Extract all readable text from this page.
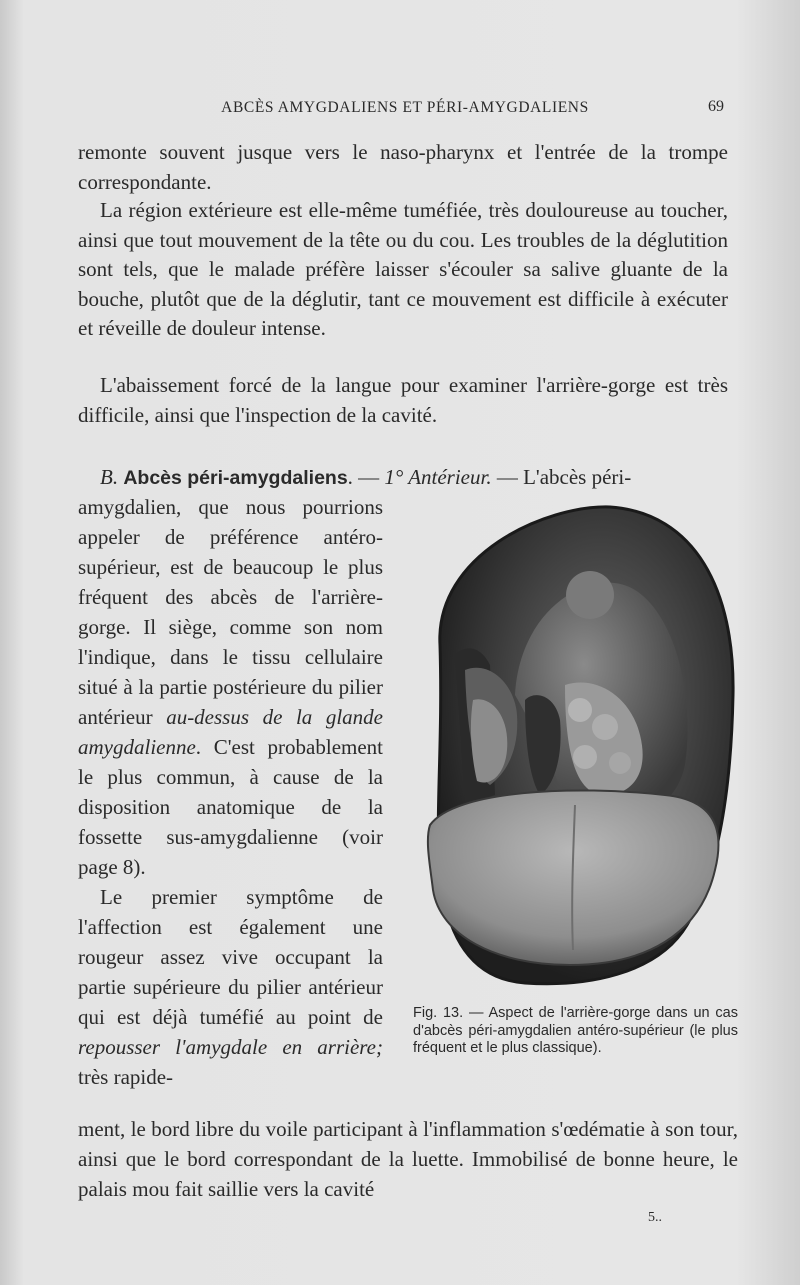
ABCÈS AMYGDALIENS ET PÉRI-AMYGDALIENS	69

remonte souvent jusque vers le naso-pharynx et l'entrée de la trompe correspondante.

La région extérieure est elle-même tuméfiée, très douloureuse au toucher, ainsi que tout mouvement de la tête ou du cou. Les troubles de la déglutition sont tels, que le malade préfère laisser s'écouler sa salive gluante de la bouche, plutôt que de la déglutir, tant ce mouvement est difficile à exécuter et réveille de douleur intense.

L'abaissement forcé de la langue pour examiner l'arrière-gorge est très difficile, ainsi que l'inspection de la cavité.

B. Abcès péri-amygdaliens. — 1° Antérieur. — L'abcès péri-

amygdalien, que nous pourrions appeler de préférence antéro-supérieur, est de beaucoup le plus fréquent des abcès de l'arrière-gorge. Il siège, comme son nom l'indique, dans le tissu cellulaire situé à la partie postérieure du pilier antérieur au-dessus de la glande amygdalienne. C'est probablement le plus commun, à cause de la disposition anatomique de la fossette sus-amygdalienne (voir page 8).

Le premier symptôme de l'affection est également une rougeur assez vive occupant la partie supérieure du pilier antérieur qui est déjà tuméfié au point de repousser l'amygdale en arrière; très rapide-

Fig. 13. — Aspect de l'arrière-gorge dans un cas d'abcès péri-amygdalien antéro-supérieur (le plus fréquent et le plus classique).
ment, le bord libre du voile participant à l'inflammation s'œdématie à son tour, ainsi que le bord correspondant de la luette. Immobilisé de bonne heure, le palais mou fait saillie vers la cavité
5..
